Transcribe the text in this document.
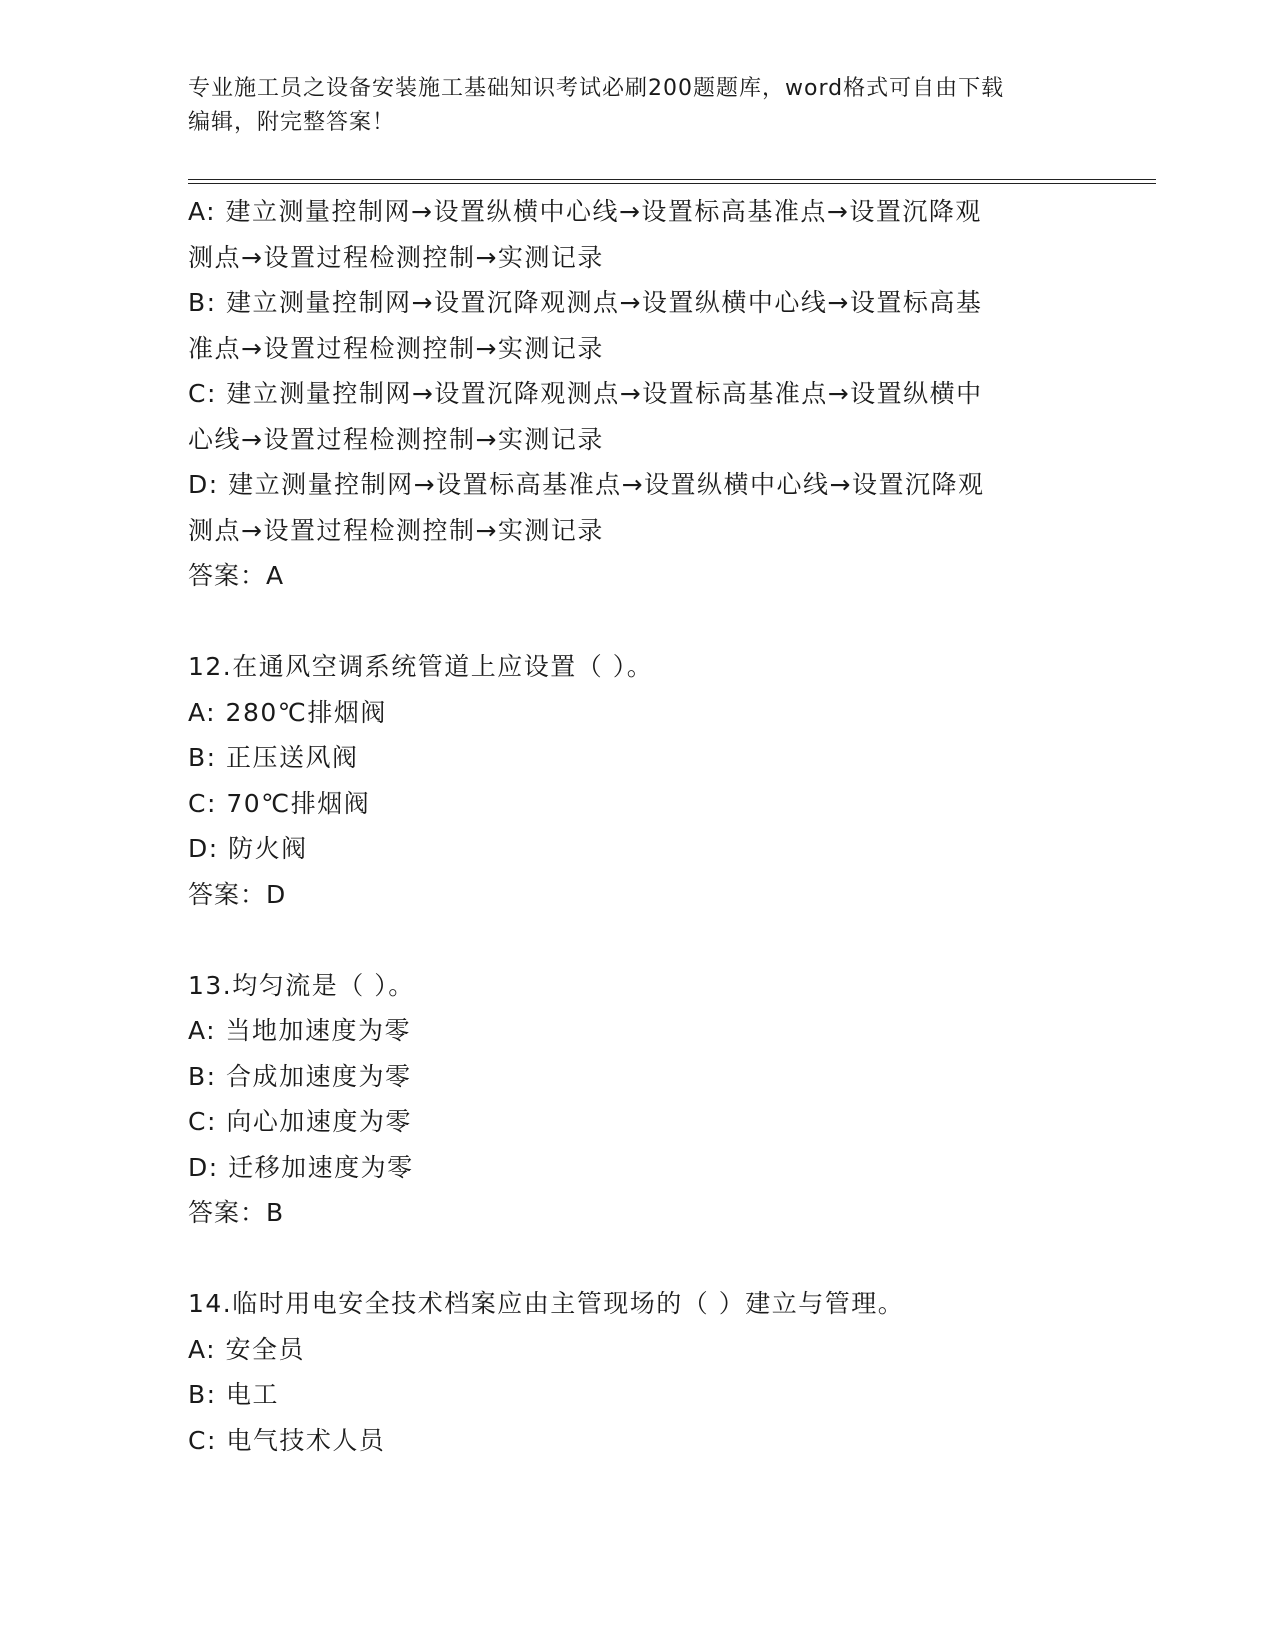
专业施工员之设备安装施工基础知识考试必刷200题题库，word格式可自由下载
编辑，附完整答案！
A: 建立测量控制网→设置纵横中心线→设置标高基准点→设置沉降观
测点→设置过程检测控制→实测记录
B: 建立测量控制网→设置沉降观测点→设置纵横中心线→设置标高基
准点→设置过程检测控制→实测记录
C: 建立测量控制网→设置沉降观测点→设置标高基准点→设置纵横中
心线→设置过程检测控制→实测记录
D: 建立测量控制网→设置标高基准点→设置纵横中心线→设置沉降观
测点→设置过程检测控制→实测记录
答案：A
12.在通风空调系统管道上应设置（ ）。
A: 280℃排烟阀
B: 正压送风阀
C: 70℃排烟阀
D: 防火阀
答案：D
13.均匀流是（ ）。
A: 当地加速度为零
B: 合成加速度为零
C: 向心加速度为零
D: 迁移加速度为零
答案：B
14.临时用电安全技术档案应由主管现场的（ ）建立与管理。
A: 安全员
B: 电工
C: 电气技术人员
